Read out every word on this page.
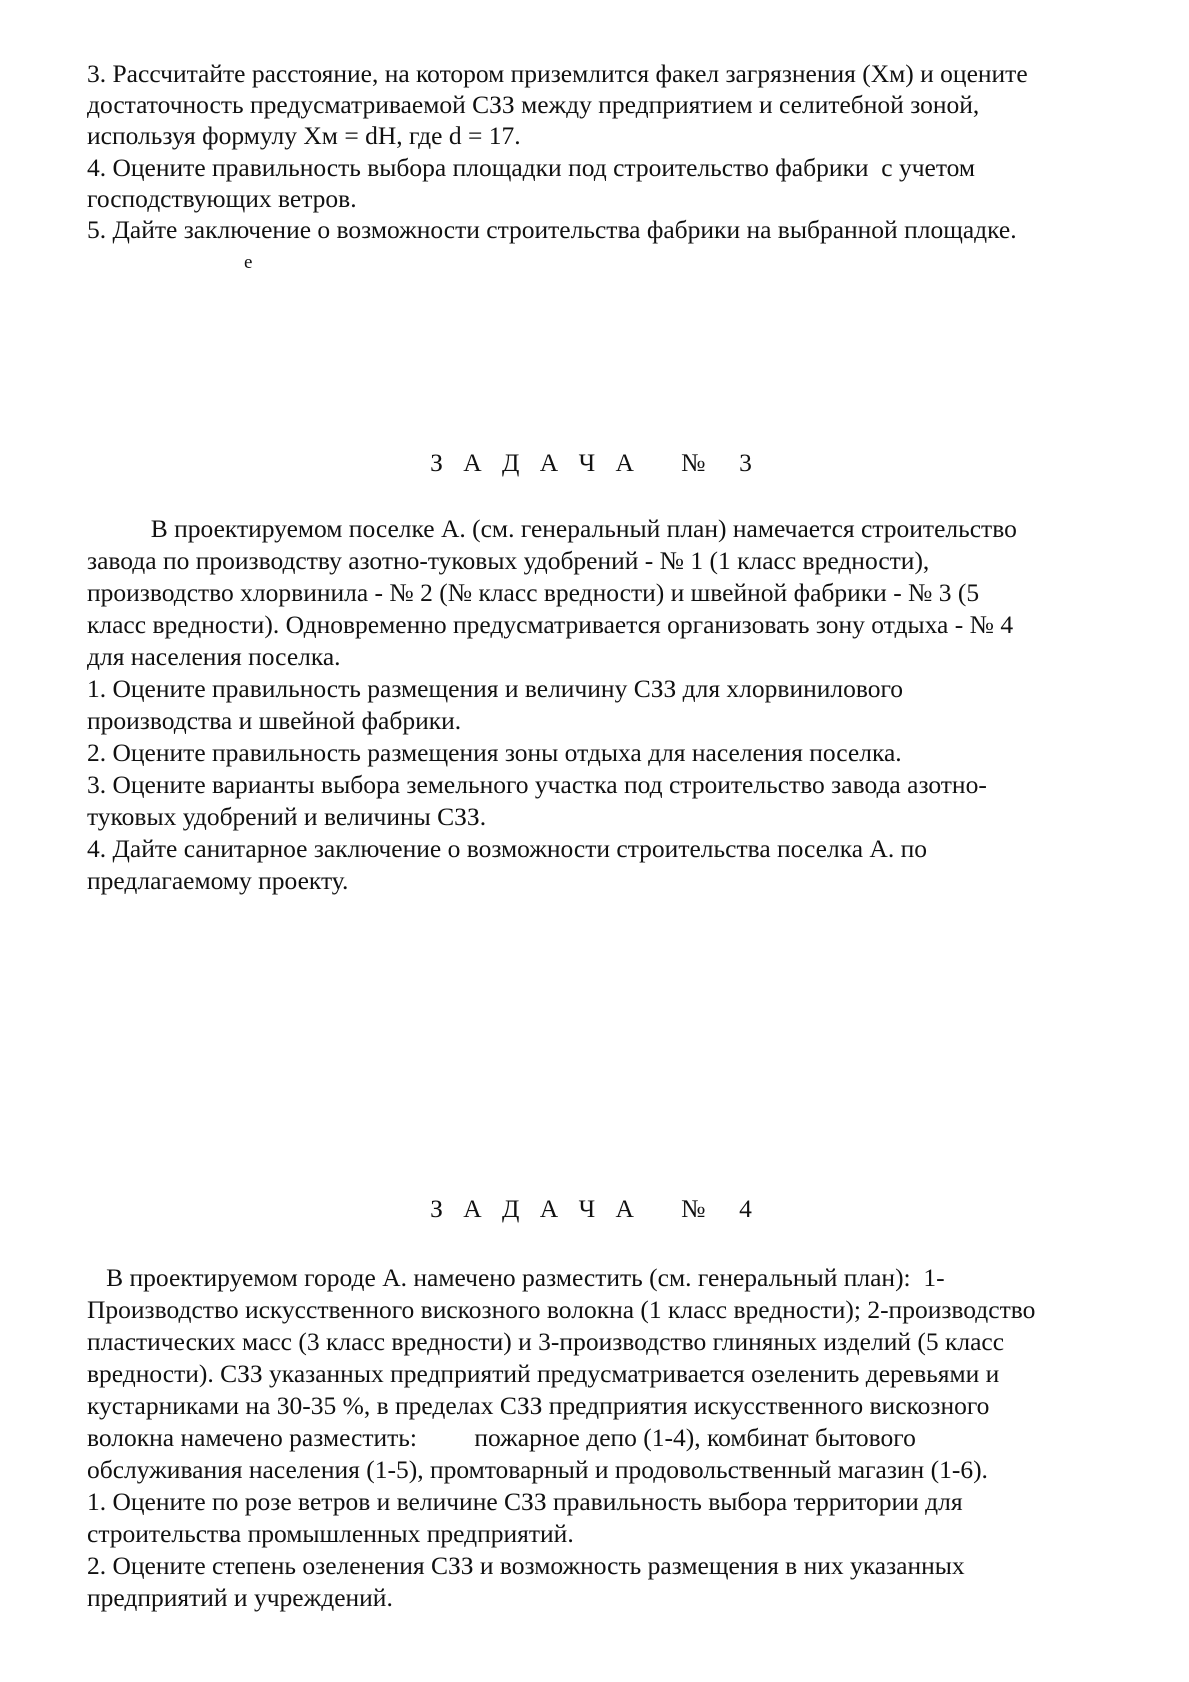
3. Рассчитайте расстояние, на котором приземлится факел загрязнения (Хм) и оцените
достаточность предусматриваемой СЗЗ между предприятием и селитебной зоной,
используя формулу Хм = dH, где d = 17.
4. Оцените правильность выбора площадки под строительство фабрики  с учетом
господствующих ветров.
5. Дайте заключение о возможности строительства фабрики на выбранной площадке.
е
З А Д А Ч А   №  3
В проектируемом поселке А. (см. генеральный план) намечается строительство
завода по производству азотно-туковых удобрений - № 1 (1 класс вредности),
производство хлорвинила - № 2 (№ класс вредности) и швейной фабрики - № 3 (5
класс вредности). Одновременно предусматривается организовать зону отдыха - № 4
для населения поселка.
1. Оцените правильность размещения и величину СЗЗ для хлорвинилового
производства и швейной фабрики.
2. Оцените правильность размещения зоны отдыха для населения поселка.
3. Оцените варианты выбора земельного участка под строительство завода азотно-
туковых удобрений и величины СЗЗ.
4. Дайте санитарное заключение о возможности строительства поселка А. по
предлагаемому проекту.
З А Д А Ч А   №  4
В проектируемом городе А. намечено разместить (см. генеральный план):  1-
Производство искусственного вискозного волокна (1 класс вредности); 2-производство
пластических масс (3 класс вредности) и 3-производство глиняных изделий (5 класс
вредности). СЗЗ указанных предприятий предусматривается озеленить деревьями и
кустарниками на 30-35 %, в пределах СЗЗ предприятия искусственного вискозного
волокна намечено разместить:         пожарное депо (1-4), комбинат бытового
обслуживания населения (1-5), промтоварный и продовольственный магазин (1-6).
1. Оцените по розе ветров и величине СЗЗ правильность выбора территории для
строительства промышленных предприятий.
2. Оцените степень озеленения СЗЗ и возможность размещения в них указанных
предприятий и учреждений.
